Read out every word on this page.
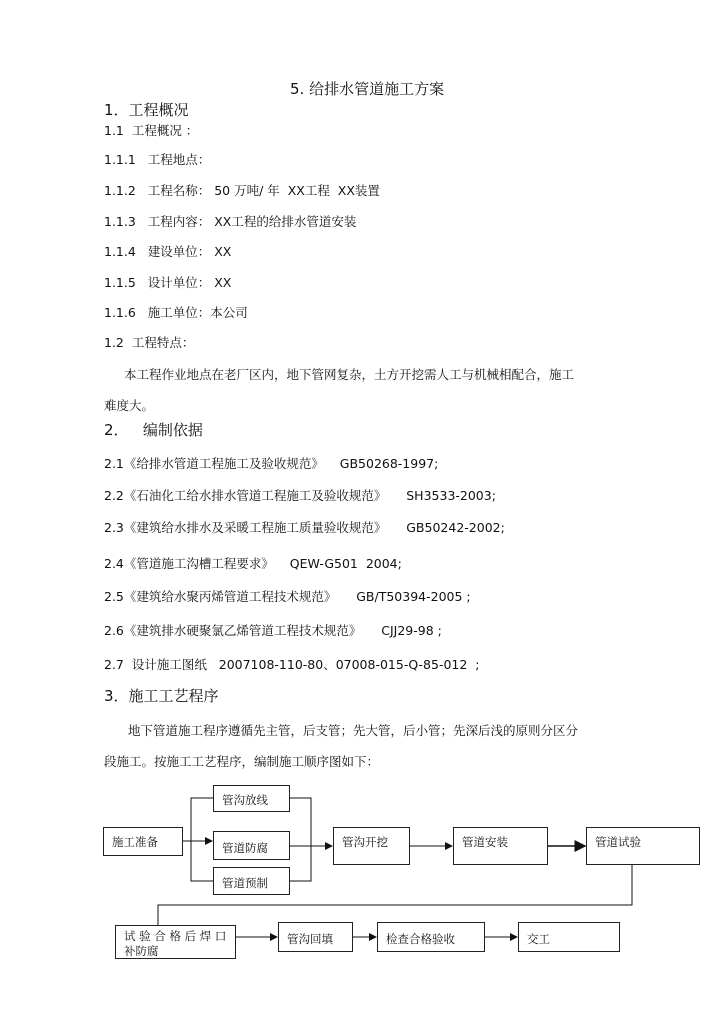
5. 给排水管道施工方案
1．工程概况
1.1  工程概况 ：
1.1.1   工程地点：
1.1.2   工程名称： 50 万吨/ 年  XX工程  XX装置
1.1.3   工程内容： XX工程的给排水管道安装
1.1.4   建设单位： XX
1.1.5   设计单位： XX
1.1.6   施工单位：本公司
1.2  工程特点：
本工程作业地点在老厂区内，地下管网复杂，土方开挖需人工与机械相配合，施工
难度大。
2．   编制依据
2.1《给排水管道工程施工及验收规范》    GB50268-1997;
2.2《石油化工给水排水管道工程施工及验收规范》     SH3533-2003;
2.3《建筑给水排水及采暖工程施工质量验收规范》     GB50242-2002;
2.4《管道施工沟槽工程要求》    QEW-G501  2004;
2.5《建筑给水聚丙烯管道工程技术规范》     GB/T50394-2005 ;
2.6《建筑排水硬聚氯乙烯管道工程技术规范》     CJJ29-98 ;
2.7  设计施工图纸   2007108-110-80、07008-015-Q-85-012  ;
3．施工工艺程序
地下管道施工程序遵循先主管，后支管；先大管，后小管；先深后浅的原则分区分
段施工。按施工工艺程序，编制施工顺序图如下：
施工准备
管沟放线
管道防腐
管道预制
管沟开挖	管道安装	管道试验
试 验 合 格 后 焊 口
补防腐
管沟回填	检查合格验收	交工
